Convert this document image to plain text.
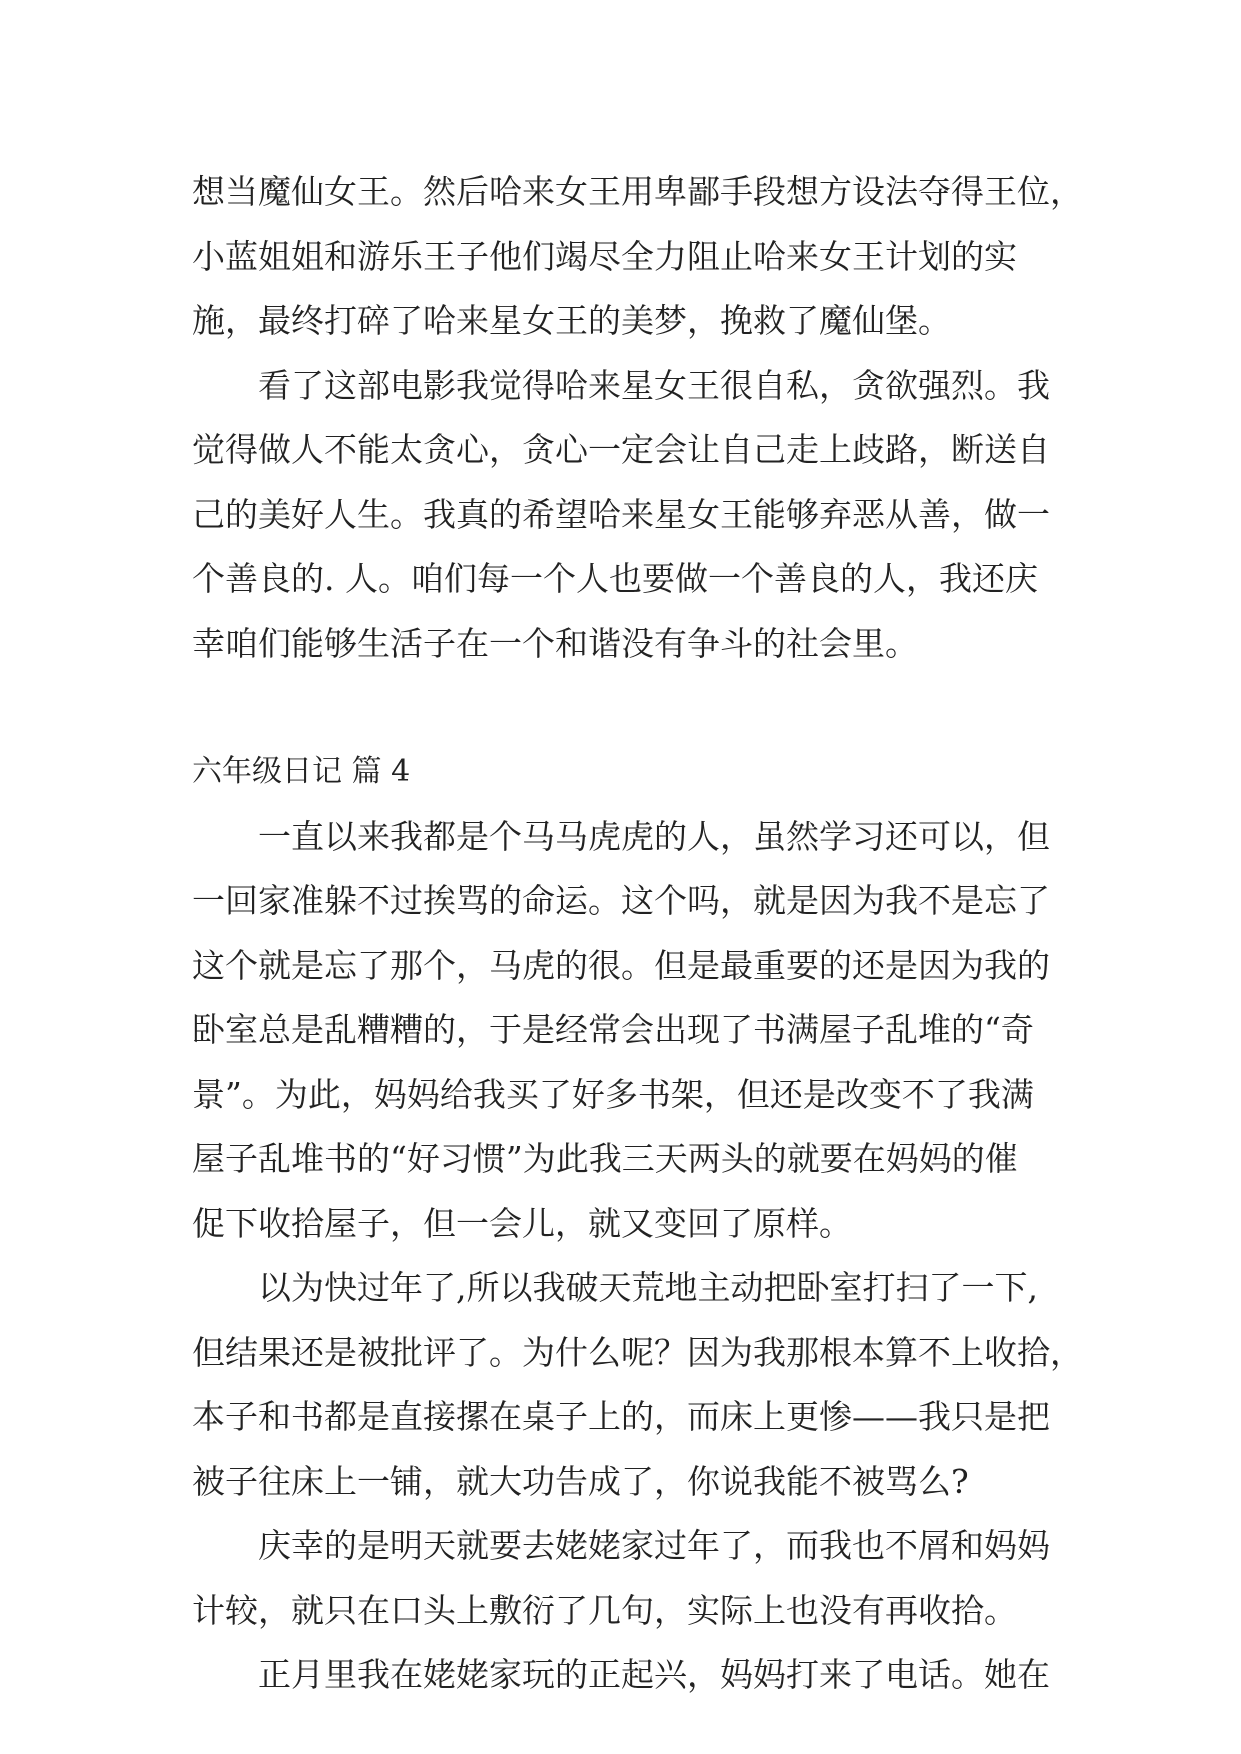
想当魔仙女王。然后哈来女王用卑鄙手段想方设法夺得王位，
小蓝姐姐和游乐王子他们竭尽全力阻止哈来女王计划的实
施，最终打碎了哈来星女王的美梦，挽救了魔仙堡。
看了这部电影我觉得哈来星女王很自私，贪欲强烈。我
觉得做人不能太贪心，贪心一定会让自己走上歧路，断送自
己的美好人生。我真的希望哈来星女王能够弃恶从善，做一
个善良的. 人。咱们每一个人也要做一个善良的人，我还庆
幸咱们能够生活子在一个和谐没有争斗的社会里。
六年级日记 篇 4
一直以来我都是个马马虎虎的人，虽然学习还可以，但
一回家准躲不过挨骂的命运。这个吗，就是因为我不是忘了
这个就是忘了那个，马虎的很。但是最重要的还是因为我的
卧室总是乱糟糟的，于是经常会出现了书满屋子乱堆的“奇
景”。为此，妈妈给我买了好多书架，但还是改变不了我满
屋子乱堆书的“好习惯”为此我三天两头的就要在妈妈的催
促下收拾屋子，但一会儿，就又变回了原样。
以为快过年了,所以我破天荒地主动把卧室打扫了一下,
但结果还是被批评了。为什么呢？因为我那根本算不上收拾，
本子和书都是直接摞在桌子上的，而床上更惨——我只是把
被子往床上一铺，就大功告成了，你说我能不被骂么?
庆幸的是明天就要去姥姥家过年了，而我也不屑和妈妈
计较，就只在口头上敷衍了几句，实际上也没有再收拾。
正月里我在姥姥家玩的正起兴，妈妈打来了电话。她在
